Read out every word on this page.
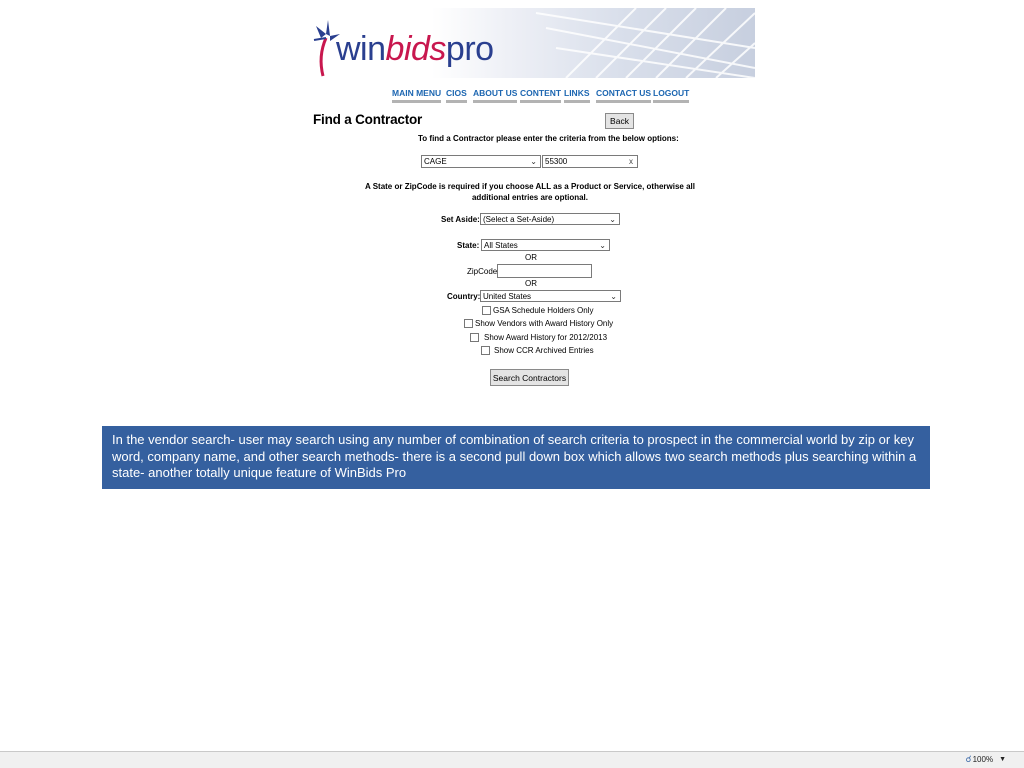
winbidspro
MAIN MENU CIOS ABOUT US CONTENT LINKS CONTACT US LOGOUT
Find a Contractor	Back
To find a Contractor please enter the criteria from the below options:
CAGE	⌄	55300	x
A State or ZipCode is required if you choose ALL as a Product or Service, otherwise all additional entries are optional.
Set Aside: (Select a Set-Aside)	⌄
State: All States	⌄
OR
ZipCode
OR
Country: United States	⌄
GSA Schedule Holders Only
Show Vendors with Award History Only
Show Award History for 2012/2013
Show CCR Archived Entries
Search Contractors
In the vendor search- user may search using any number of combination of search criteria to prospect in the commercial world by zip or key word, company name, and other search methods- there is a second pull down box which allows two search methods plus searching within a state- another totally unique feature of WinBids Pro
☌ 100% ▼
